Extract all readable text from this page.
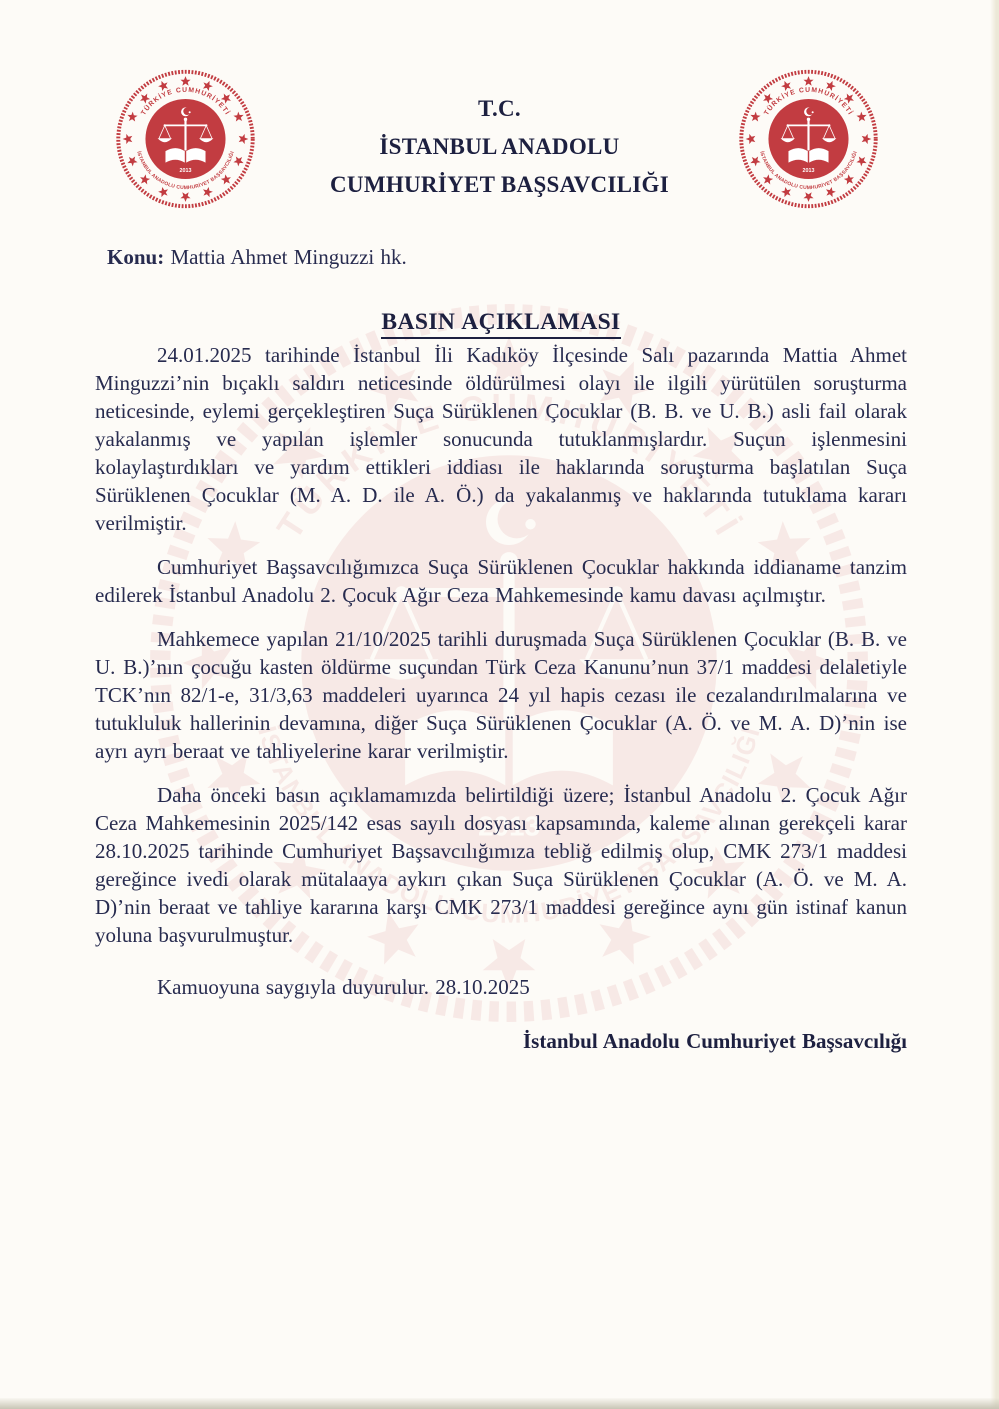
T.C.
İSTANBUL ANADOLU
CUMHURİYET BAŞSAVCILIĞI
Konu: Mattia Ahmet Minguzzi hk.
BASIN AÇIKLAMASI

24.01.2025 tarihinde İstanbul İli Kadıköy İlçesinde Salı pazarında Mattia Ahmet Minguzzi’nin bıçaklı saldırı neticesinde öldürülmesi olayı ile ilgili yürütülen soruşturma neticesinde, eylemi gerçekleştiren Suça Sürüklenen Çocuklar (B. B. ve U. B.) asli fail olarak yakalanmış ve yapılan işlemler sonucunda tutuklanmışlardır. Suçun işlenmesini kolaylaştırdıkları ve yardım ettikleri iddiası ile haklarında soruşturma başlatılan Suça Sürüklenen Çocuklar (M. A. D. ile A. Ö.) da yakalanmış ve haklarında tutuklama kararı verilmiştir.

Cumhuriyet Başsavcılığımızca Suça Sürüklenen Çocuklar hakkında iddianame tanzim edilerek İstanbul Anadolu 2. Çocuk Ağır Ceza Mahkemesinde kamu davası açılmıştır.

Mahkemece yapılan 21/10/2025 tarihli duruşmada Suça Sürüklenen Çocuklar (B. B. ve U. B.)’nın çocuğu kasten öldürme suçundan Türk Ceza Kanunu’nun 37/1 maddesi delaletiyle TCK’nın 82/1-e, 31/3,63 maddeleri uyarınca 24 yıl hapis cezası ile cezalandırılmalarına ve tutukluluk hallerinin devamına, diğer Suça Sürüklenen Çocuklar (A. Ö. ve M. A. D)’nin ise ayrı ayrı beraat ve tahliyelerine karar verilmiştir.

Daha önceki basın açıklamamızda belirtildiği üzere; İstanbul Anadolu 2. Çocuk Ağır Ceza Mahkemesinin 2025/142 esas sayılı dosyası kapsamında, kaleme alınan gerekçeli karar 28.10.2025 tarihinde Cumhuriyet Başsavcılığımıza tebliğ edilmiş olup, CMK 273/1 maddesi gereğince ivedi olarak mütalaaya aykırı çıkan Suça Sürüklenen Çocuklar (A. Ö. ve M. A. D)’nin beraat ve tahliye kararına karşı CMK 273/1 maddesi gereğince aynı gün istinaf kanun yoluna başvurulmuştur.

Kamuoyuna saygıyla duyurulur. 28.10.2025
İstanbul Anadolu Cumhuriyet Başsavcılığı
